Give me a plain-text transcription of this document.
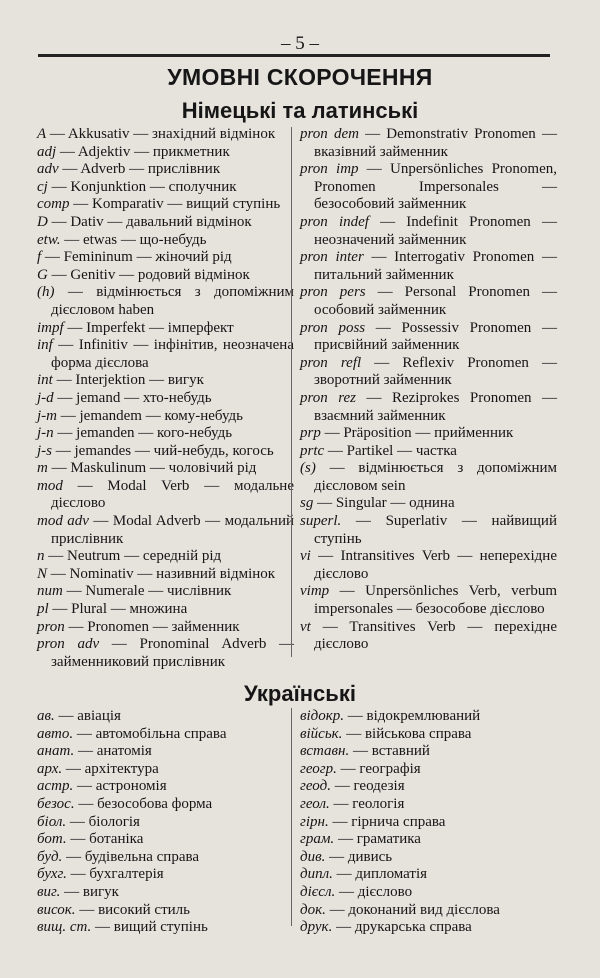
– 5 –
УМОВНІ СКОРОЧЕННЯ
Німецькі та латинські
A — Akkusativ — знахідний відмінок
adj — Adjektiv — прикметник
adv — Adverb — прислівник
cj — Konjunktion — сполучник
comp — Komparativ — вищий ступінь
D — Dativ — давальний відмінок
etw. — etwas — що-небудь
f — Femininum — жіночий рід
G — Genitiv — родовий відмінок
(h) — відмінюється з допоміжним дієсловом haben
impf — Imperfekt — імперфект
inf — Infinitiv — інфінітив, неозначена форма дієслова
int — Interjektion — вигук
j-d — jemand — хто-небудь
j-m — jemandem — кому-небудь
j-n — jemanden — кого-небудь
j-s — jemandes — чий-небудь, когось
m — Maskulinum — чоловічий рід
mod — Modal Verb — модальне дієслово
mod adv — Modal Adverb — модальний прислівник
n — Neutrum — середній рід
N — Nominativ — називний відмінок
num — Numerale — числівник
pl — Plural — множина
pron — Pronomen — займенник
pron adv — Pronominal Adverb — займенниковий прислівник
pron dem — Demonstrativ Pronomen — вказівний займенник
pron imp — Unpersönliches Pronomen, Pronomen Impersonales — безособовий займенник
pron indef — Indefinit Pronomen — неозначений займенник
pron inter — Interrogativ Pronomen — питальний займенник
pron pers — Personal Pronomen — особовий займенник
pron poss — Possessiv Pronomen — присвійний займенник
pron refl — Reflexiv Pronomen — зворотний займенник
pron rez — Reziprokes Pronomen — взаємний займенник
prp — Präposition — прийменник
prtc — Partikel — частка
(s) — відмінюється з допоміжним дієсловом sein
sg — Singular — однина
superl. — Superlativ — найвищий ступінь
vi — Intransitives Verb — неперехідне дієслово
vimp — Unpersönliches Verb, verbum impersonales — безособове дієслово
vt — Transitives Verb — перехідне дієслово
Українські
ав. — авіація
авто. — автомобільна справа
анат. — анатомія
арх. — архітектура
астр. — астрономія
безос. — безособова форма
біол. — біологія
бот. — ботаніка
буд. — будівельна справа
бухг. — бухгалтерія
виг. — вигук
висок. — високий стиль
вищ. ст. — вищий ступінь
відокр. — відокремлюваний
військ. — військова справа
вставн. — вставний
геогр. — географія
геод. — геодезія
геол. — геологія
гірн. — гірнича справа
грам. — граматика
див. — дивись
дипл. — дипломатія
дієсл. — дієслово
док. — доконаний вид дієслова
друк. — друкарська справа
